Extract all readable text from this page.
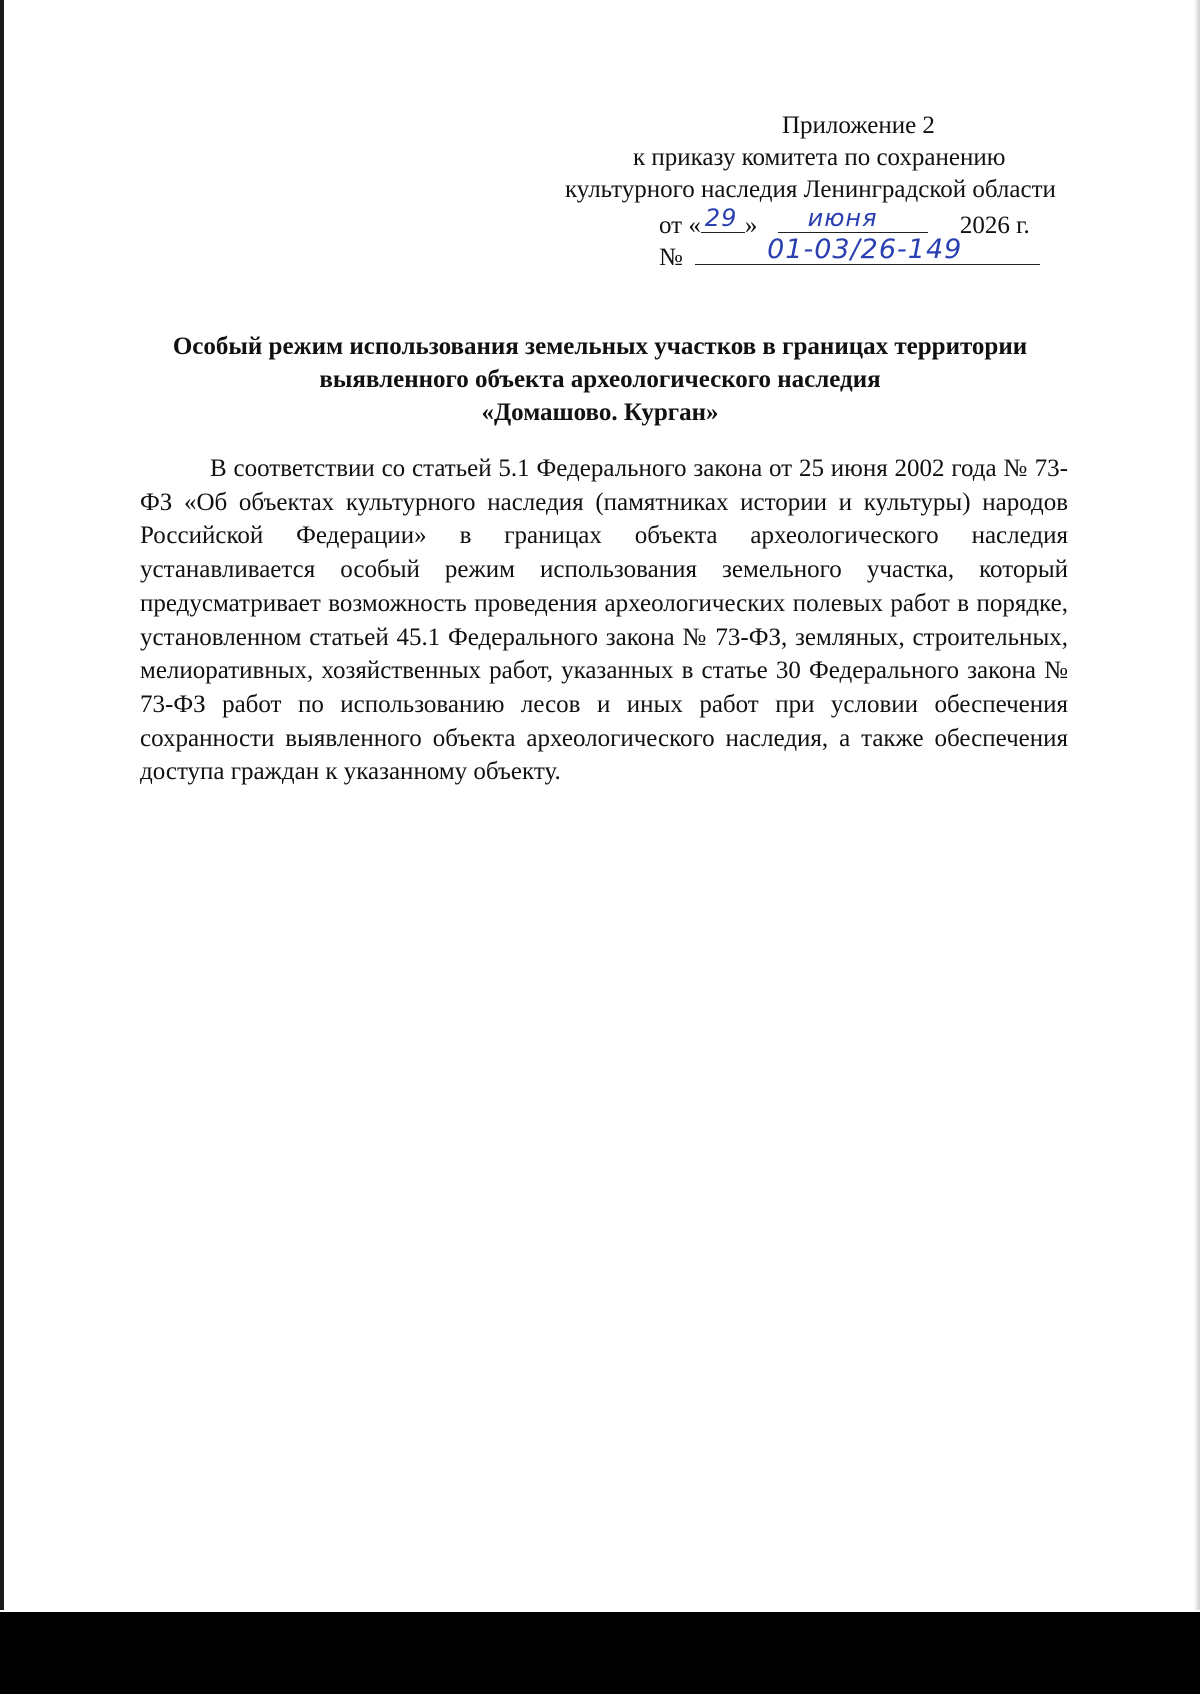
Приложение 2
к приказу комитета по сохранению
культурного наследия Ленинградской области
от « 29 » июня	2026 г.
№	01-03/26-149
Особый режим использования земельных участков в границах территории
выявленного объекта археологического наследия
«Домашово. Курган»

В соответствии со статьей 5.1 Федерального закона от 25 июня 2002 года № 73-ФЗ «Об объектах культурного наследия (памятниках истории и культуры) народов Российской Федерации» в границах объекта археологического наследия устанавливается особый режим использования земельного участка, который предусматривает возможность проведения археологических полевых работ в порядке, установленном статьей 45.1 Федерального закона № 73-ФЗ, земляных, строительных, мелиоративных, хозяйственных работ, указанных в статье 30 Федерального закона № 73-ФЗ работ по использованию лесов и иных работ при условии обеспечения сохранности выявленного объекта археологического наследия, а также обеспечения доступа граждан к указанному объекту.
